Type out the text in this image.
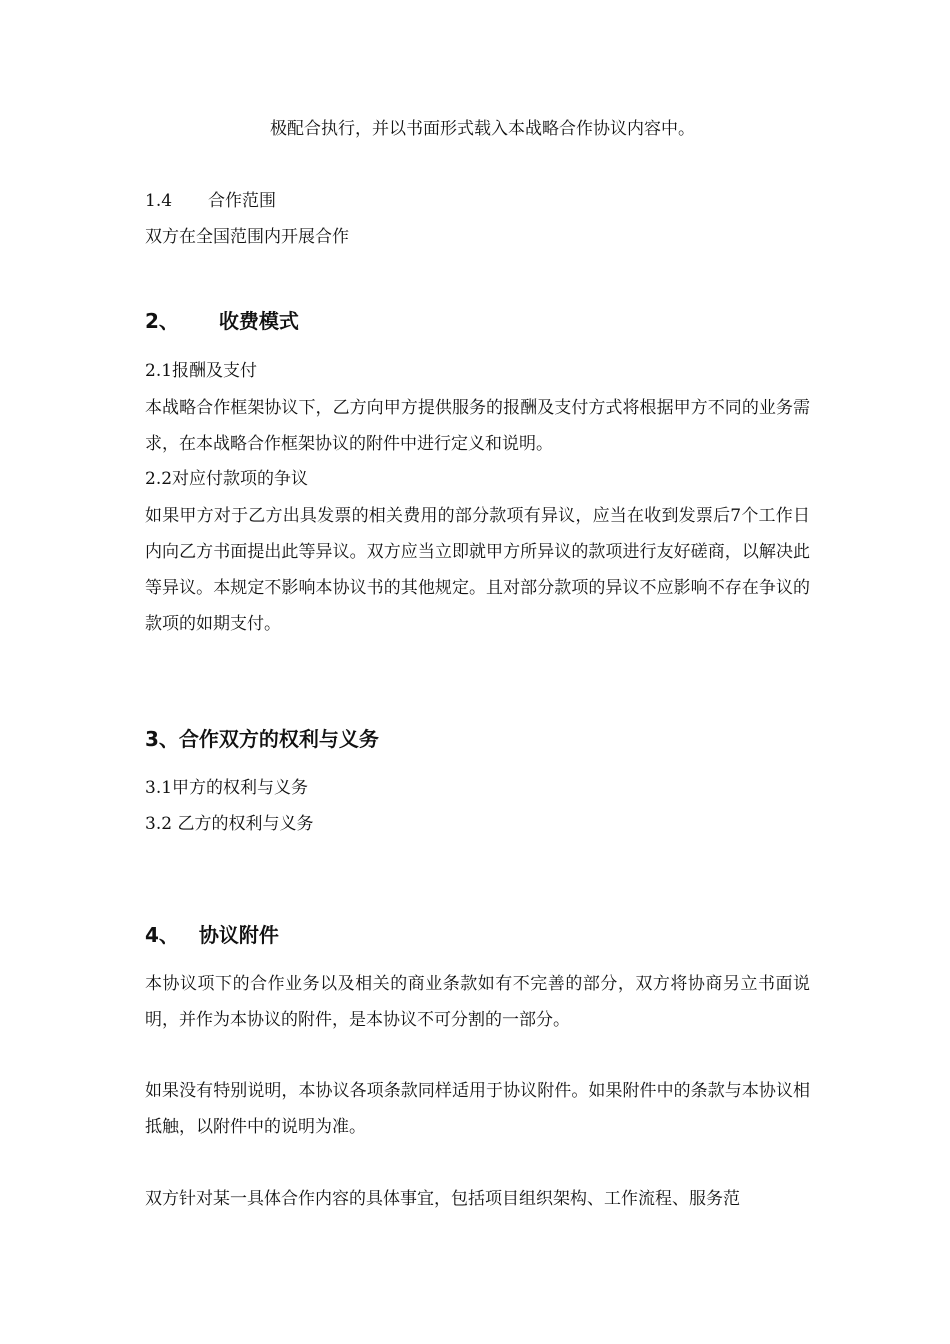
极配合执行，并以书面形式载入本战略合作协议内容中。
1.4 合作范围
双方在全国范围内开展合作
2、 收费模式
2.1报酬及支付
本战略合作框架协议下，乙方向甲方提供服务的报酬及支付方式将根据甲方不同的业务需求，在本战略合作框架协议的附件中进行定义和说明。
2.2对应付款项的争议
如果甲方对于乙方出具发票的相关费用的部分款项有异议，应当在收到发票后7个工作日内向乙方书面提出此等异议。双方应当立即就甲方所异议的款项进行友好磋商，以解决此等异议。本规定不影响本协议书的其他规定。且对部分款项的异议不应影响不存在争议的款项的如期支付。
3、合作双方的权利与义务
3.1甲方的权利与义务
3.2 乙方的权利与义务
4、 协议附件
本协议项下的合作业务以及相关的商业条款如有不完善的部分，双方将协商另立书面说明，并作为本协议的附件，是本协议不可分割的一部分。
如果没有特别说明，本协议各项条款同样适用于协议附件。如果附件中的条款与本协议相抵触，以附件中的说明为准。
双方针对某一具体合作内容的具体事宜，包括项目组织架构、工作流程、服务范
